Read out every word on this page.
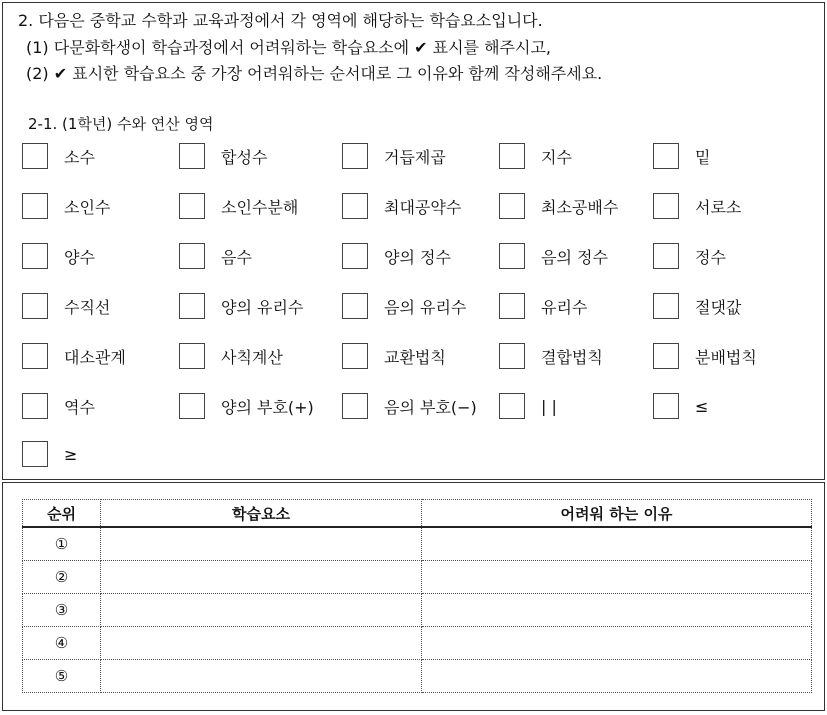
2. 다음은 중학교 수학과 교육과정에서 각 영역에 해당하는 학습요소입니다.
(1) 다문화학생이 학습과정에서 어려워하는 학습요소에 ✔ 표시를 해주시고,
(2) ✔ 표시한 학습요소 중 가장 어려워하는 순서대로 그 이유와 함께 작성해주세요.
2-1. (1학년) 수와 연산 영역
소수	합성수	거듭제곱	지수	밑
소인수	소인수분해	최대공약수	최소공배수	서로소
양수	음수	양의 정수	음의 정수	정수
수직선	양의 유리수	음의 유리수	유리수	절댓값
대소관계	사칙계산	교환법칙	결합법칙	분배법칙
역수	양의 부호(+)	음의 부호(−)	| |	≤
≥
순위	학습요소	어려워 하는 이유
①		
②		
③		
④		
⑤		
